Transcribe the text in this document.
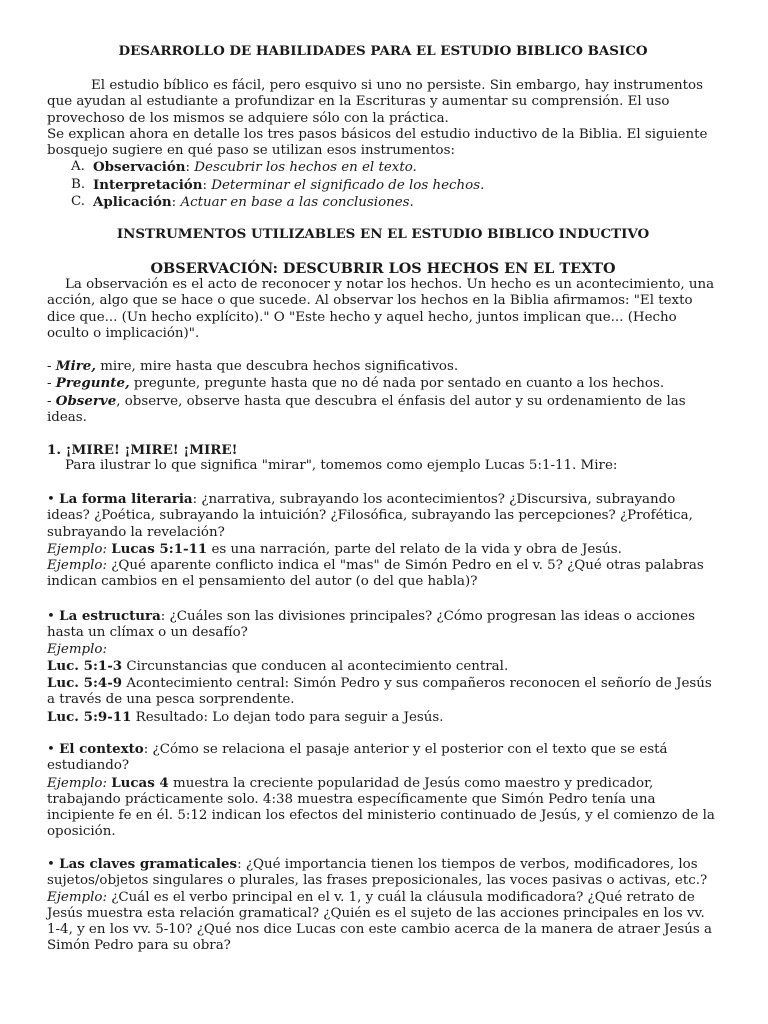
DESARROLLO DE HABILIDADES PARA EL ESTUDIO BIBLICO BASICO

El estudio bíblico es fácil, pero esquivo si uno no persiste. Sin embargo, hay instrumentos que ayudan al estudiante a profundizar en la Escrituras y aumentar su comprensión. El uso provechoso de los mismos se adquiere sólo con la práctica.

Se explican ahora en detalle los tres pasos básicos del estudio inductivo de la Biblia. El siguiente bosquejo sugiere en qué paso se utilizan esos instrumentos:

A. Observación: Descubrir los hechos en el texto.
B. Interpretación: Determinar el significado de los hechos.
C. Aplicación: Actuar en base a las conclusiones.
INSTRUMENTOS UTILIZABLES EN EL ESTUDIO BIBLICO INDUCTIVO

OBSERVACIÓN: DESCUBRIR LOS HECHOS EN EL TEXTO

La observación es el acto de reconocer y notar los hechos. Un hecho es un acontecimiento, una acción, algo que se hace o que sucede. Al observar los hechos en la Biblia afirmamos: "El texto dice que... (Un hecho explícito)." O "Este hecho y aquel hecho, juntos implican que... (Hecho oculto o implicación)".

- Mire, mire, mire hasta que descubra hechos significativos.

- Pregunte, pregunte, pregunte hasta que no dé nada por sentado en cuanto a los hechos.

- Observe, observe, observe hasta que descubra el énfasis del autor y su ordenamiento de las ideas.

1. ¡MIRE! ¡MIRE! ¡MIRE!

Para ilustrar lo que significa "mirar", tomemos como ejemplo Lucas 5:1-11. Mire:

• La forma literaria: ¿narrativa, subrayando los acontecimientos? ¿Discursiva, subrayando ideas? ¿Poética, subrayando la intuición? ¿Filosófica, subrayando las percepciones? ¿Profética, subrayando la revelación?

Ejemplo: Lucas 5:1-11 es una narración, parte del relato de la vida y obra de Jesús.

Ejemplo: ¿Qué aparente conflicto indica el "mas" de Simón Pedro en el v. 5? ¿Qué otras palabras indican cambios en el pensamiento del autor (o del que habla)?

• La estructura: ¿Cuáles son las divisiones principales? ¿Cómo progresan las ideas o acciones hasta un clímax o un desafío?

Ejemplo:

Luc. 5:1-3 Circunstancias que conducen al acontecimiento central.

Luc. 5:4-9 Acontecimiento central: Simón Pedro y sus compañeros reconocen el señorío de Jesús a través de una pesca sorprendente.

Luc. 5:9-11 Resultado: Lo dejan todo para seguir a Jesús.

• El contexto: ¿Cómo se relaciona el pasaje anterior y el posterior con el texto que se está estudiando?

Ejemplo: Lucas 4 muestra la creciente popularidad de Jesús como maestro y predicador, trabajando prácticamente solo. 4:38 muestra específicamente que Simón Pedro tenía una incipiente fe en él. 5:12 indican los efectos del ministerio continuado de Jesús, y el comienzo de la oposición.

• Las claves gramaticales: ¿Qué importancia tienen los tiempos de verbos, modificadores, los sujetos/objetos singulares o plurales, las frases preposicionales, las voces pasivas o activas, etc.?

Ejemplo: ¿Cuál es el verbo principal en el v. 1, y cuál la cláusula modificadora? ¿Qué retrato de Jesús muestra esta relación gramatical? ¿Quién es el sujeto de las acciones principales en los vv. 1-4, y en los vv. 5-10? ¿Qué nos dice Lucas con este cambio acerca de la manera de atraer Jesús a Simón Pedro para su obra?
